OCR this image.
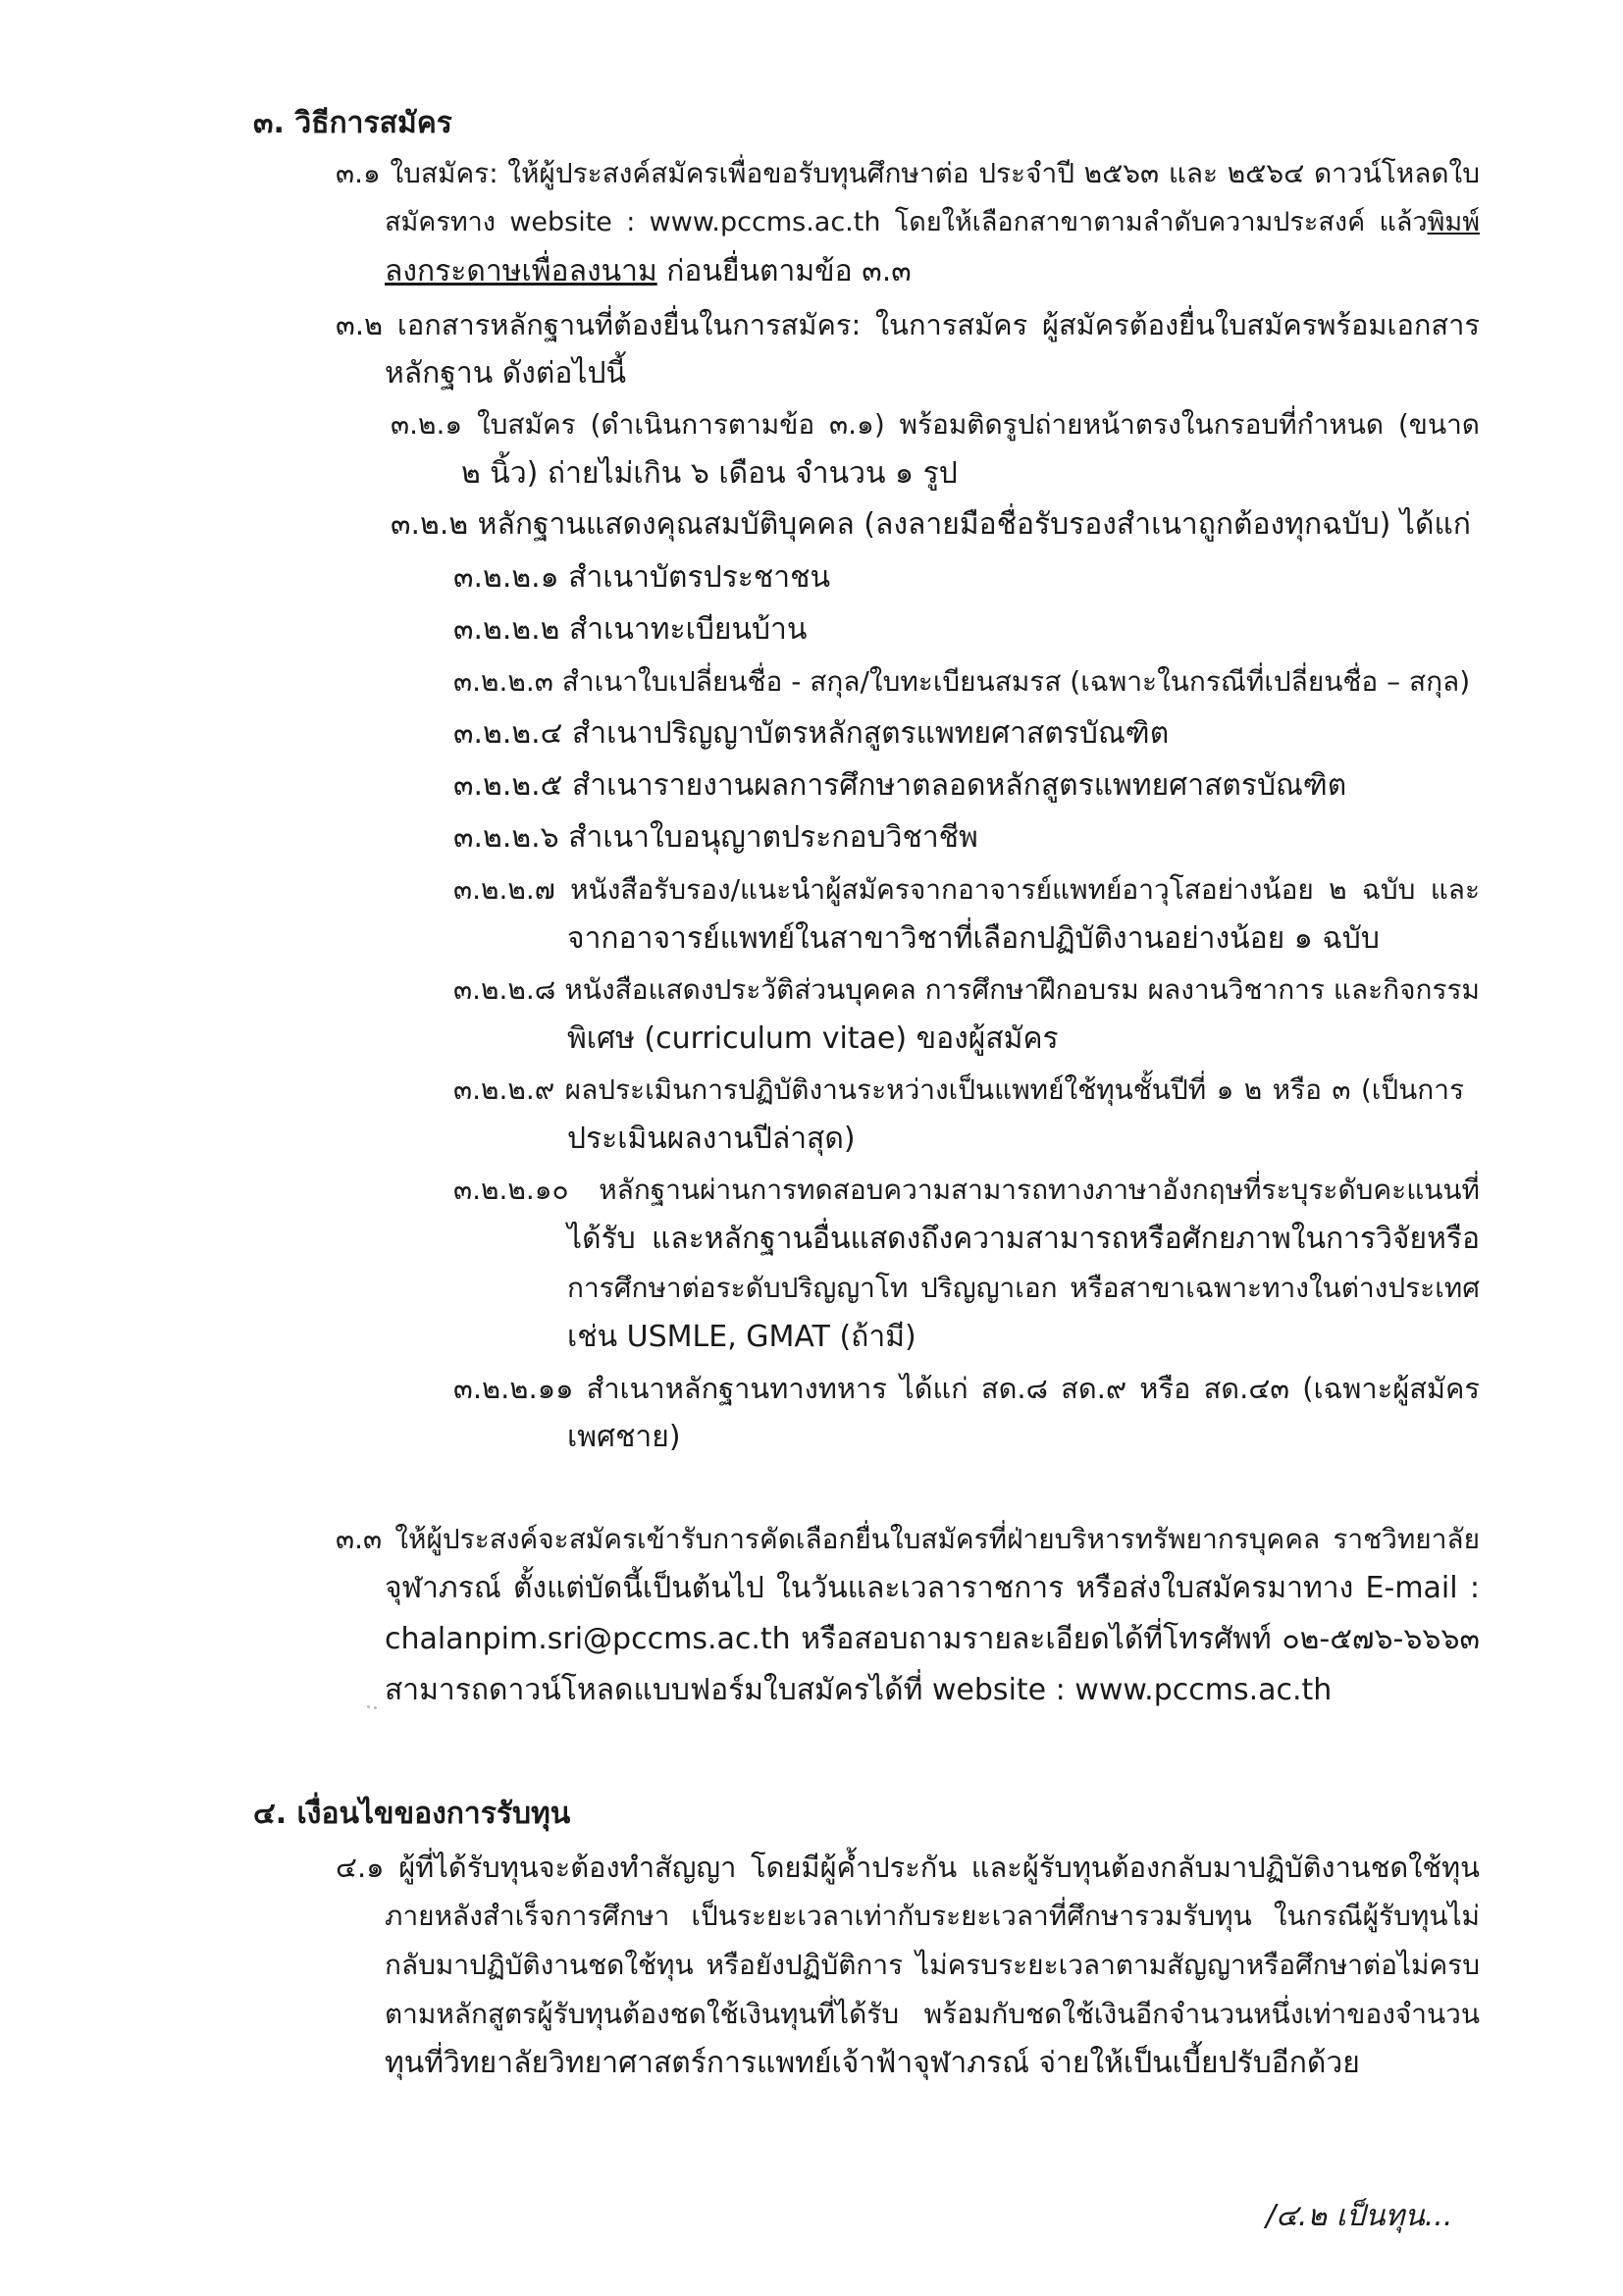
๓. วิธีการสมัคร
๓.๑ ใบสมัคร: ให้ผู้ประสงค์สมัครเพื่อขอรับทุนศึกษาต่อ ประจำปี ๒๕๖๓ และ ๒๕๖๔ ดาวน์โหลดใบ
สมัครทาง website : www.pccms.ac.th โดยให้เลือกสาขาตามลำดับความประสงค์ แล้วพิมพ์
ลงกระดาษเพื่อลงนาม ก่อนยื่นตามข้อ ๓.๓
๓.๒ เอกสารหลักฐานที่ต้องยื่นในการสมัคร: ในการสมัคร ผู้สมัครต้องยื่นใบสมัครพร้อมเอกสาร
หลักฐาน ดังต่อไปนี้
๓.๒.๑ ใบสมัคร (ดำเนินการตามข้อ ๓.๑) พร้อมติดรูปถ่ายหน้าตรงในกรอบที่กำหนด (ขนาด
๒ นิ้ว) ถ่ายไม่เกิน ๖ เดือน จำนวน ๑ รูป
๓.๒.๒ หลักฐานแสดงคุณสมบัติบุคคล (ลงลายมือชื่อรับรองสำเนาถูกต้องทุกฉบับ) ได้แก่
๓.๒.๒.๑ สำเนาบัตรประชาชน
๓.๒.๒.๒ สำเนาทะเบียนบ้าน
๓.๒.๒.๓ สำเนาใบเปลี่ยนชื่อ - สกุล/ใบทะเบียนสมรส (เฉพาะในกรณีที่เปลี่ยนชื่อ – สกุล)
๓.๒.๒.๔ สำเนาปริญญาบัตรหลักสูตรแพทยศาสตรบัณฑิต
๓.๒.๒.๕ สำเนารายงานผลการศึกษาตลอดหลักสูตรแพทยศาสตรบัณฑิต
๓.๒.๒.๖ สำเนาใบอนุญาตประกอบวิชาชีพ
๓.๒.๒.๗ หนังสือรับรอง/แนะนำผู้สมัครจากอาจารย์แพทย์อาวุโสอย่างน้อย ๒ ฉบับ และ
จากอาจารย์แพทย์ในสาขาวิชาที่เลือกปฏิบัติงานอย่างน้อย ๑ ฉบับ
๓.๒.๒.๘ หนังสือแสดงประวัติส่วนบุคคล การศึกษาฝึกอบรม ผลงานวิชาการ และกิจกรรม
พิเศษ (curriculum vitae) ของผู้สมัคร
๓.๒.๒.๙ ผลประเมินการปฏิบัติงานระหว่างเป็นแพทย์ใช้ทุนชั้นปีที่ ๑ ๒ หรือ ๓ (เป็นการ
ประเมินผลงานปีล่าสุด)
๓.๒.๒.๑๐ หลักฐานผ่านการทดสอบความสามารถทางภาษาอังกฤษที่ระบุระดับคะแนนที่
ได้รับ และหลักฐานอื่นแสดงถึงความสามารถหรือศักยภาพในการวิจัยหรือ
การศึกษาต่อระดับปริญญาโท ปริญญาเอก หรือสาขาเฉพาะทางในต่างประเทศ
เช่น USMLE, GMAT (ถ้ามี)
๓.๒.๒.๑๑ สำเนาหลักฐานทางทหาร ได้แก่ สด.๘ สด.๙ หรือ สด.๔๓ (เฉพาะผู้สมัคร
เพศชาย)
๓.๓ ให้ผู้ประสงค์จะสมัครเข้ารับการคัดเลือกยื่นใบสมัครที่ฝ่ายบริหารทรัพยากรบุคคล ราชวิทยาลัย
จุฬาภรณ์ ตั้งแต่บัดนี้เป็นต้นไป ในวันและเวลาราชการ หรือส่งใบสมัครมาทาง E-mail :
chalanpim.sri@pccms.ac.th หรือสอบถามรายละเอียดได้ที่โทรศัพท์ ๐๒-๕๗๖-๖๖๖๓
สามารถดาวน์โหลดแบบฟอร์มใบสมัครได้ที่ website : www.pccms.ac.th
๔. เงื่อนไขของการรับทุน
๔.๑ ผู้ที่ได้รับทุนจะต้องทำสัญญา โดยมีผู้ค้ำประกัน และผู้รับทุนต้องกลับมาปฏิบัติงานชดใช้ทุน
ภายหลังสำเร็จการศึกษา เป็นระยะเวลาเท่ากับระยะเวลาที่ศึกษารวมรับทุน ในกรณีผู้รับทุนไม่
กลับมาปฏิบัติงานชดใช้ทุน หรือยังปฏิบัติการ ไม่ครบระยะเวลาตามสัญญาหรือศึกษาต่อไม่ครบ
ตามหลักสูตรผู้รับทุนต้องชดใช้เงินทุนที่ได้รับ พร้อมกับชดใช้เงินอีกจำนวนหนึ่งเท่าของจำนวน
ทุนที่วิทยาลัยวิทยาศาสตร์การแพทย์เจ้าฟ้าจุฬาภรณ์ จ่ายให้เป็นเบี้ยปรับอีกด้วย
/๔.๒ เป็นทุน...
